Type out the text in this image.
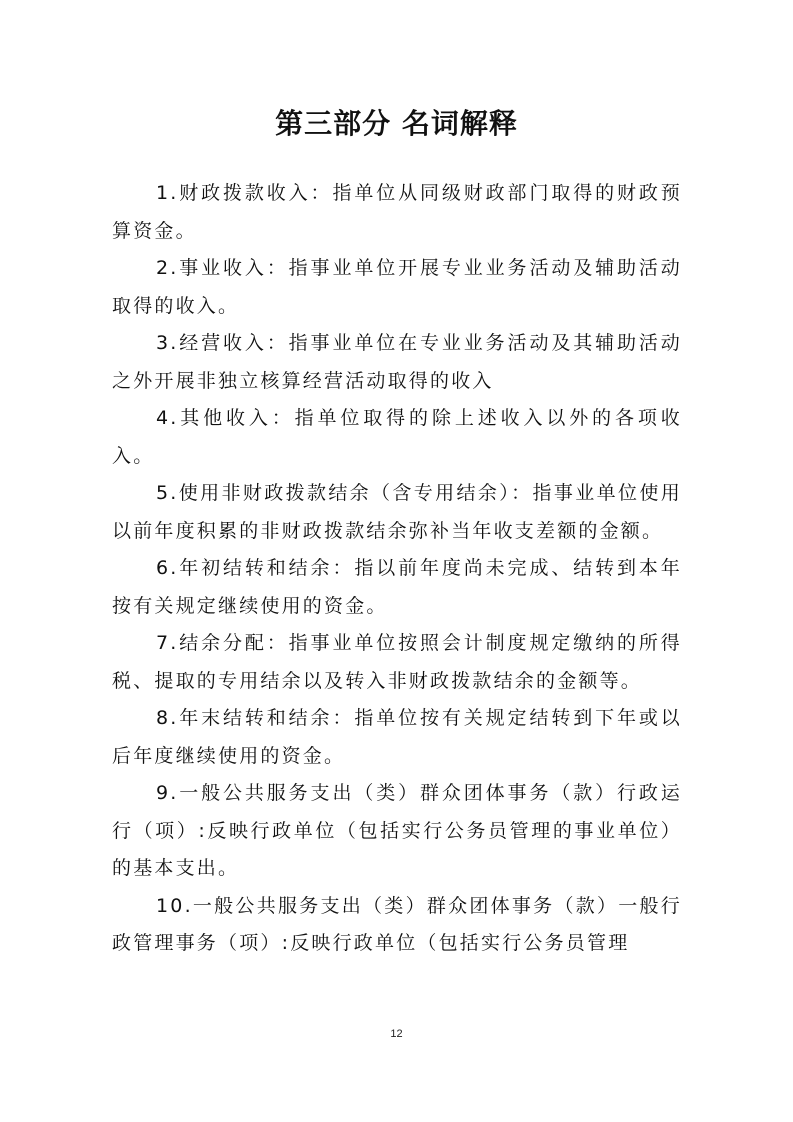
第三部分 名词解释

1.财政拨款收入：指单位从同级财政部门取得的财政预算资金。

2.事业收入：指事业单位开展专业业务活动及辅助活动取得的收入。

3.经营收入：指事业单位在专业业务活动及其辅助活动之外开展非独立核算经营活动取得的收入

4.其他收入：指单位取得的除上述收入以外的各项收入。

5.使用非财政拨款结余（含专用结余）：指事业单位使用以前年度积累的非财政拨款结余弥补当年收支差额的金额。

6.年初结转和结余：指以前年度尚未完成、结转到本年按有关规定继续使用的资金。

7.结余分配：指事业单位按照会计制度规定缴纳的所得税、提取的专用结余以及转入非财政拨款结余的金额等。

8.年末结转和结余：指单位按有关规定结转到下年或以后年度继续使用的资金。

9.一般公共服务支出（类）群众团体事务（款）行政运行（项）:反映行政单位（包括实行公务员管理的事业单位）的基本支出。

10.一般公共服务支出（类）群众团体事务（款）一般行政管理事务（项）:反映行政单位（包括实行公务员管理

12
